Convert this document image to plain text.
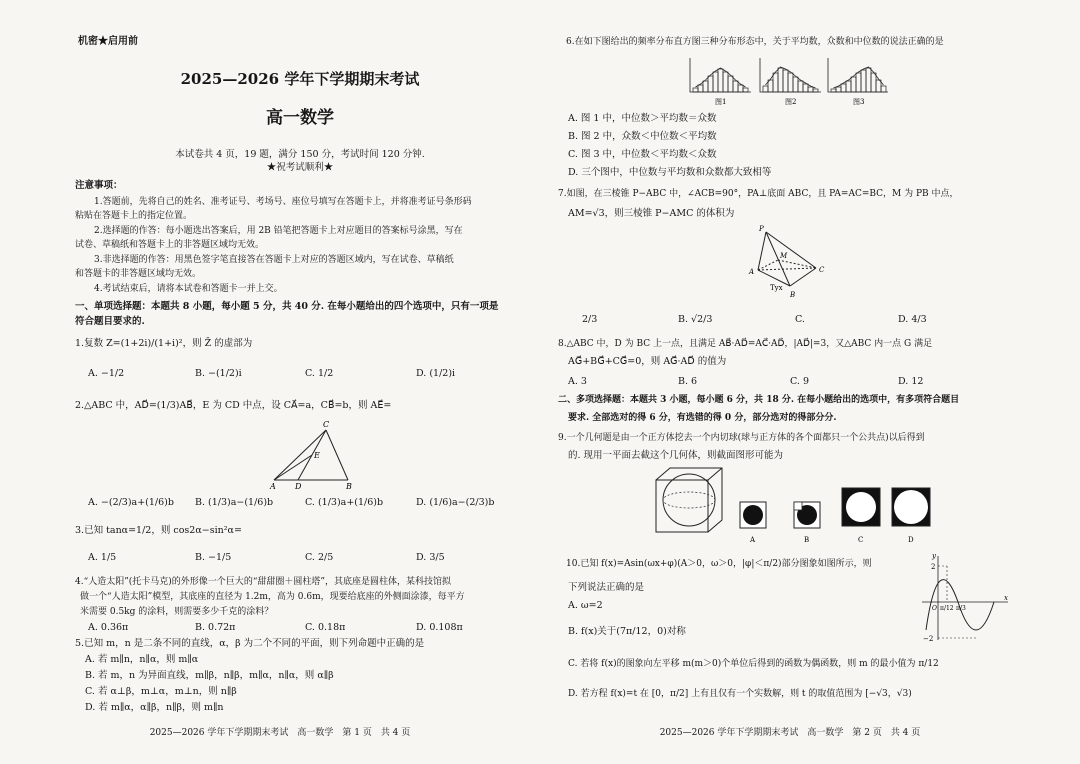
机密★启用前
2025—2026 学年下学期期末考试
高一数学
本试卷共 4 页，19 题，满分 150 分，考试时间 120 分钟.
★祝考试顺利★
注意事项：
1.答题前，先将自己的姓名、准考证号、考场号、座位号填写在答题卡上，并将准考证号条形码
粘贴在答题卡上的指定位置。
2.选择题的作答：每小题选出答案后，用 2B 铅笔把答题卡上对应题目的答案标号涂黑，写在
试卷、草稿纸和答题卡上的非答题区域均无效。
3.非选择题的作答：用黑色签字笔直接答在答题卡上对应的答题区域内，写在试卷、草稿纸
和答题卡的非答题区域均无效。
4.考试结束后，请将本试卷和答题卡一并上交。
一、单项选择题：本题共 8 小题，每小题 5 分，共 40 分. 在每小题给出的四个选项中，只有一项是
符合题目要求的.
1.复数 Z=(1+2i)/(1+i)²，则 Z̄ 的虚部为
A. −1/2	B. −(1/2)i	C. 1/2	D. (1/2)i
2.△ABC 中，AD⃗=(1/3)AB⃗，E 为 CD 中点，设 CA⃗=a，CB⃗=b，则 AE⃗=
C
E
A D	B
A. −(2/3)a+(1/6)b B. (1/3)a−(1/6)b	C. (1/3)a+(1/6)b	D. (1/6)a−(2/3)b
3.已知 tanα=1/2，则 cos2α−sin²α=
A. 1/5	B. −1/5	C. 2/5	D. 3/5
4.“人造太阳”(托卡马克)的外形像一个巨大的“甜甜圈＋圆柱塔”，其底座是圆柱体，某科技馆拟
做一个“人造太阳”模型，其底座的直径为 1.2m，高为 0.6m，现要给底座的外侧面涂漆，每平方
米需要 0.5kg 的涂料，则需要多少千克的涂料？
A. 0.36π	B. 0.72π	C. 0.18π	D. 0.108π
5.已知 m，n 是二条不同的直线，α，β 为二个不同的平面，则下列命题中正确的是
A. 若 m∥n，n∥α，则 m∥α
B. 若 m，n 为异面直线，m∥β，n∥β，m∥α，n∥α，则 α∥β
C. 若 α⊥β，m⊥α，m⊥n，则 n∥β
D. 若 m∥α，α∥β，n∥β，则 m∥n
2025—2026 学年下学期期末考试　高一数学　第 1 页　共 4 页
6.在如下图给出的频率分布直方图三种分布形态中，关于平均数，众数和中位数的说法正确的是
图1	图2	图3
A. 图 1 中，中位数＞平均数＝众数
B. 图 2 中，众数＜中位数＜平均数
C. 图 3 中，中位数＜平均数＜众数
D. 三个图中，中位数与平均数和众数都大致相等
7.如图，在三棱锥 P−ABC 中，∠ACB=90°，PA⊥底面 ABC，且 PA=AC=BC，M 为 PB 中点，
AM=√3，则三棱锥 P−AMC 的体积为
P
A	C
B
M
Tyx
2/3	B. √2/3	C.	D. 4/3
8.△ABC 中，D 为 BC 上一点，且满足 AB⃗·AD⃗=AC⃗·AD⃗，|AD⃗|=3，又△ABC 内一点 G 满足
AG⃗+BG⃗+CG⃗=0，则 AG⃗·AD⃗ 的值为
A. 3	B. 6	C. 9	D. 12
二、多项选择题：本题共 3 小题，每小题 6 分，共 18 分. 在每小题给出的选项中，有多项符合题目
要求. 全部选对的得 6 分，有选错的得 0 分，部分选对的得部分分.
9.一个几何题是由一个正方体挖去一个内切球(球与正方体的各个面都只一个公共点)以后得到
的. 现用一平面去截这个几何体，则截面图形可能为
A	B	C	D
10.已知 f(x)=Asin(ωx+φ)(A＞0，ω＞0，|φ|＜π/2)部分图象如图所示，则
下列说法正确的是
2
−2
x
y
O π/12 π/3
A. ω=2
B. f(x)关于(7π/12，0)对称
C. 若将 f(x)的图象向左平移 m(m＞0)个单位后得到的函数为偶函数，则 m 的最小值为 π/12
D. 若方程 f(x)=t 在 [0，π/2] 上有且仅有一个实数解，则 t 的取值范围为 [−√3，√3)
2025—2026 学年下学期期末考试　高一数学　第 2 页　共 4 页
